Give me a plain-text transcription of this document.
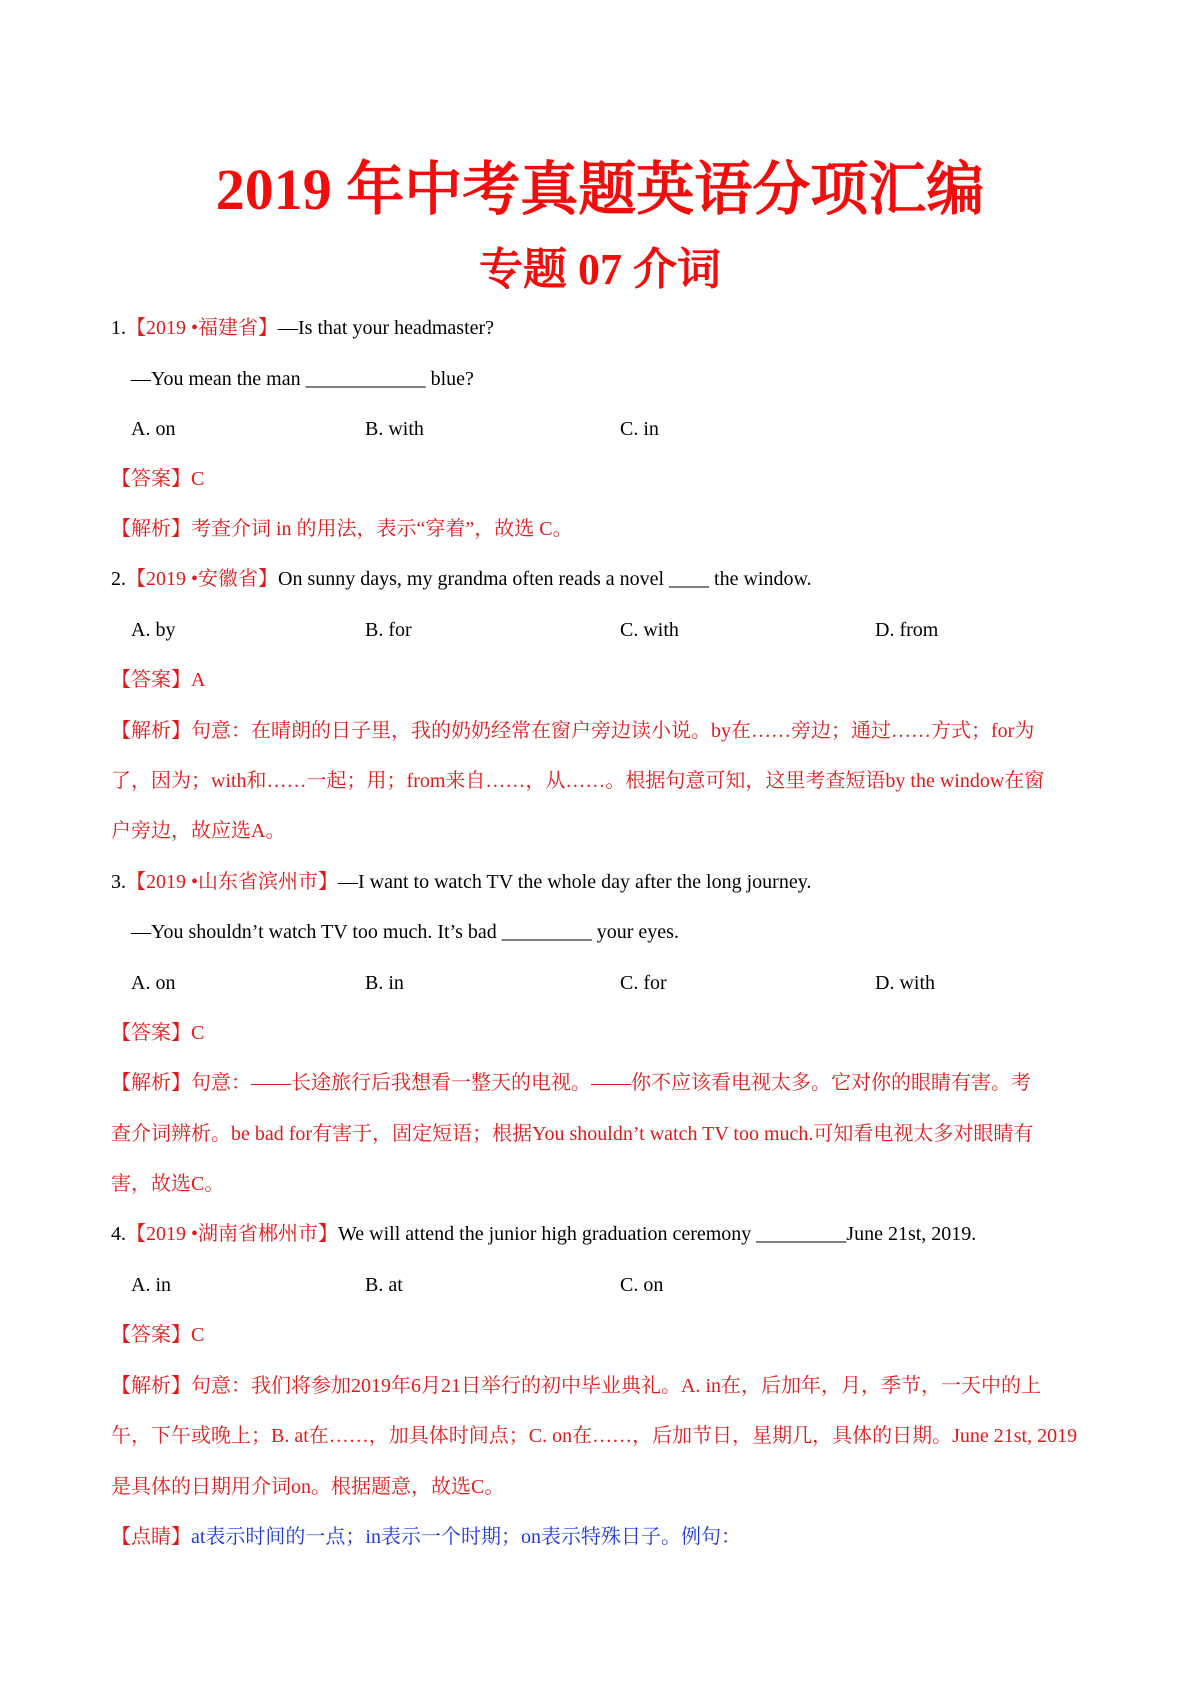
2019 年中考真题英语分项汇编
专题 07 介词
1.【2019 •福建省】—Is that your headmaster?
—You mean the man ____________ blue?
A. on	B. with	C. in
【答案】C
【解析】考查介词 in 的用法，表示“穿着”，故选 C。
2.【2019 •安徽省】On sunny days, my grandma often reads a novel ____ the window.
A. by	B. for	C. with	D. from
【答案】A
【解析】句意：在晴朗的日子里，我的奶奶经常在窗户旁边读小说。by在……旁边；通过……方式；for为
了，因为；with和……一起；用；from来自……，从……。根据句意可知，这里考查短语by the window在窗
户旁边，故应选A。
3.【2019 •山东省滨州市】—I want to watch TV the whole day after the long journey.
—You shouldn’t watch TV too much. It’s bad _________ your eyes.
A. on	B. in	C. for	D. with
【答案】C
【解析】句意：——长途旅行后我想看一整天的电视。——你不应该看电视太多。它对你的眼睛有害。考
查介词辨析。be bad for有害于，固定短语；根据You shouldn’t watch TV too much.可知看电视太多对眼睛有
害，故选C。
4.【2019 •湖南省郴州市】We will attend the junior high graduation ceremony _________June 21st, 2019.
A. in	B. at	C. on
【答案】C
【解析】句意：我们将参加2019年6月21日举行的初中毕业典礼。A. in在，后加年，月，季节，一天中的上
午，下午或晚上；B. at在……，加具体时间点；C. on在……，后加节日，星期几，具体的日期。June 21st, 2019
是具体的日期用介词on。根据题意，故选C。
【点睛】at表示时间的一点；in表示一个时期；on表示特殊日子。例句：
